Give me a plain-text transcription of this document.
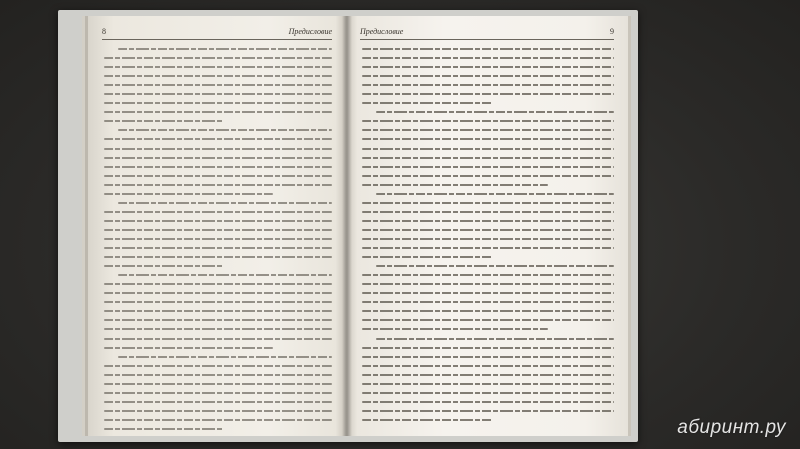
8	Предисловие	Предисловие	9
абиринт.ру
